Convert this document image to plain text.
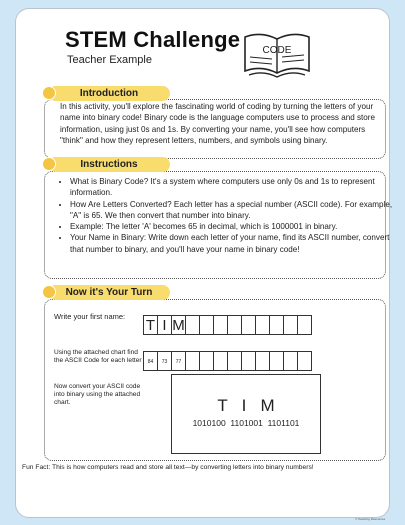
STEM Challenge
Teacher Example
CODE
Introduction
In this activity, you'll explore the fascinating world of coding by turning the letters of your name into binary code! Binary code is the language computers use to process and store information, using just 0s and 1s. By converting your name, you'll see how computers "think" and how they represent letters, numbers, and symbols using binary.
Instructions
• What is Binary Code? It's a system where computers use only 0s and 1s to represent information.
• How Are Letters Converted? Each letter has a special number (ASCII code). For example, "A" is 65. We then convert that number into binary.
• Example: The letter 'A' becomes 65 in decimal, which is 1000001 in binary.
• Your Name in Binary: Write down each letter of your name, find its ASCII number, convert that number to binary, and you'll have your name in binary code!
Now it's Your Turn
Write your first name:
T I M
Using the attached chart find the ASCII Code for each letter	84	73	77
Now convert your ASCII code into binary using the attached chart.	T   I   M
1010100  1101001  1101101
Fun Fact: This is how computers read and store all text—by converting letters into binary numbers!
© Teaching Resources
